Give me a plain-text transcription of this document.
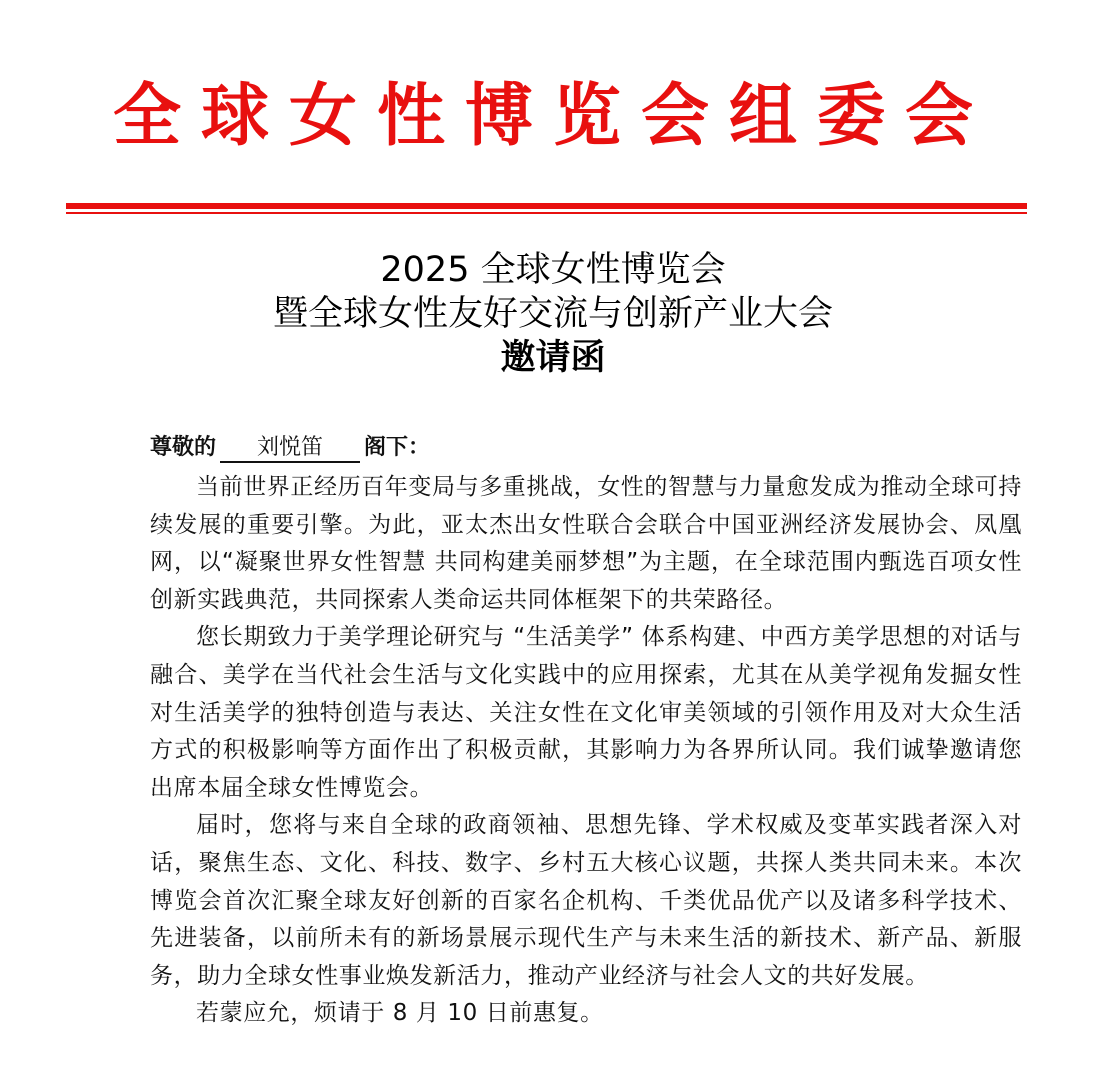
全球女性博览会组委会
2025 全球女性博览会
暨全球女性友好交流与创新产业大会
邀请函
尊敬的 刘悦笛 阁下：

当前世界正经历百年变局与多重挑战，女性的智慧与力量愈发成为推动全球可持续发展的重要引擎。为此，亚太杰出女性联合会联合中国亚洲经济发展协会、凤凰网，以“凝聚世界女性智慧 共同构建美丽梦想”为主题，在全球范围内甄选百项女性创新实践典范，共同探索人类命运共同体框架下的共荣路径。

您长期致力于美学理论研究与 “生活美学” 体系构建、中西方美学思想的对话与融合、美学在当代社会生活与文化实践中的应用探索，尤其在从美学视角发掘女性对生活美学的独特创造与表达、关注女性在文化审美领域的引领作用及对大众生活方式的积极影响等方面作出了积极贡献，其影响力为各界所认同。我们诚挚邀请您出席本届全球女性博览会。

届时，您将与来自全球的政商领袖、思想先锋、学术权威及变革实践者深入对话，聚焦生态、文化、科技、数字、乡村五大核心议题，共探人类共同未来。本次博览会首次汇聚全球友好创新的百家名企机构、千类优品优产以及诸多科学技术、先进装备，以前所未有的新场景展示现代生产与未来生活的新技术、新产品、新服务，助力全球女性事业焕发新活力，推动产业经济与社会人文的共好发展。

若蒙应允，烦请于 8 月 10 日前惠复。
